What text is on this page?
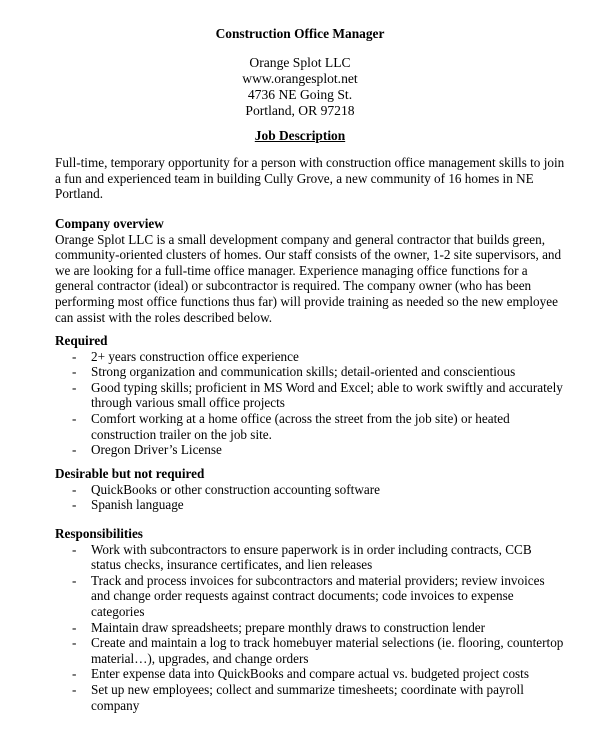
Construction Office Manager
Orange Splot LLC
www.orangesplot.net
4736 NE Going St.
Portland, OR 97218
Job Description
Full-time, temporary opportunity for a person with construction office management skills to join
a fun and experienced team in building Cully Grove, a new community of 16 homes in NE
Portland.
Company overview
Orange Splot LLC is a small development company and general contractor that builds green,
community-oriented clusters of homes. Our staff consists of the owner, 1-2 site supervisors, and
we are looking for a full-time office manager. Experience managing office functions for a
general contractor (ideal) or subcontractor is required. The company owner (who has been
performing most office functions thus far) will provide training as needed so the new employee
can assist with the roles described below.
Required
- 2+ years construction office experience
- Strong organization and communication skills; detail-oriented and conscientious
- Good typing skills; proficient in MS Word and Excel; able to work swiftly and accurately
through various small office projects
- Comfort working at a home office (across the street from the job site) or heated
construction trailer on the job site.
- Oregon Driver’s License
Desirable but not required
- QuickBooks or other construction accounting software
- Spanish language
Responsibilities
- Work with subcontractors to ensure paperwork is in order including contracts, CCB
status checks, insurance certificates, and lien releases
- Track and process invoices for subcontractors and material providers; review invoices
and change order requests against contract documents; code invoices to expense
categories
- Maintain draw spreadsheets; prepare monthly draws to construction lender
- Create and maintain a log to track homebuyer material selections (ie. flooring, countertop
material…), upgrades, and change orders
- Enter expense data into QuickBooks and compare actual vs. budgeted project costs
- Set up new employees; collect and summarize timesheets; coordinate with payroll
company
